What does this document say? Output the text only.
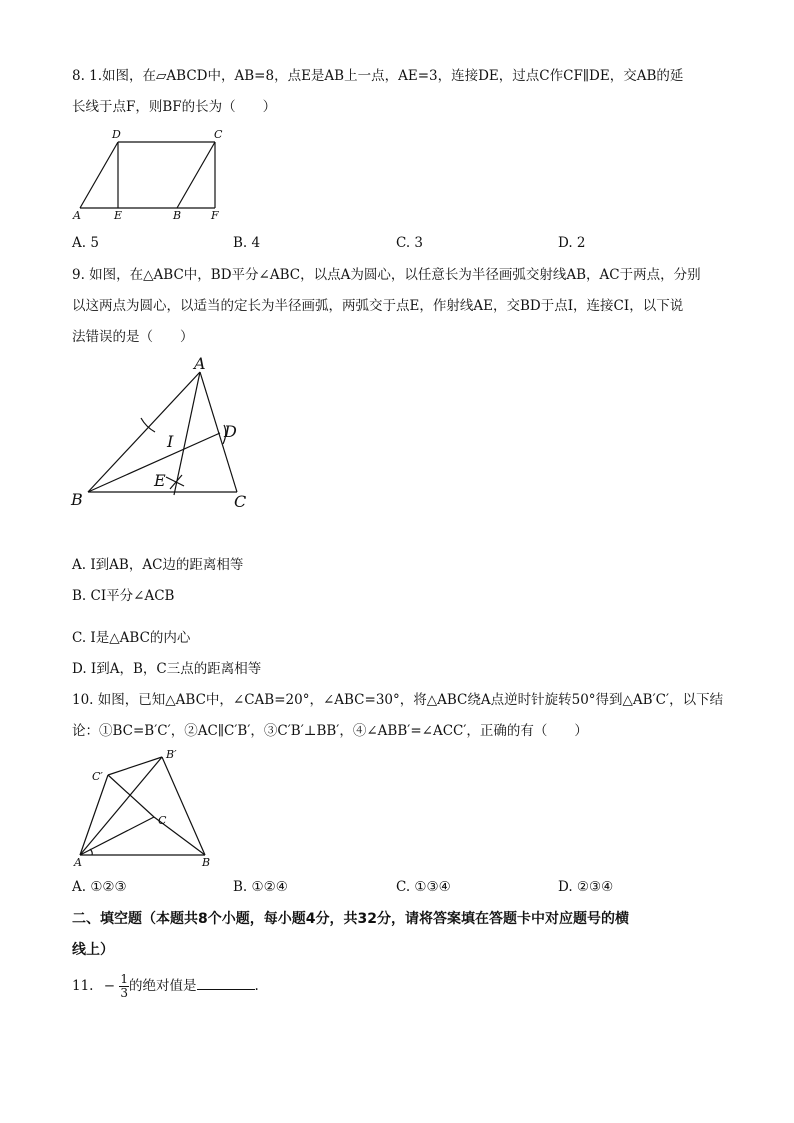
8. 1.如图，在▱ABCD中，AB=8，点E是AB上一点，AE=3，连接DE，过点C作CF∥DE，交AB的延
长线于点F，则BF的长为（　　）
D	C
A	E	B	F
A. 5	B. 4	C. 3	D. 2
9. 如图，在△ABC中，BD平分∠ABC，以点A为圆心，以任意长为半径画弧交射线AB，AC于两点，分别
以这两点为圆心，以适当的定长为半径画弧，两弧交于点E，作射线AE，交BD于点I，连接CI，以下说
法错误的是（　　）
A
I
D
E
B	C
A. I到AB，AC边的距离相等
B. CI平分∠ACB
C. I是△ABC的内心
D. I到A，B，C三点的距离相等
10. 如图，已知△ABC中，∠CAB=20°，∠ABC=30°，将△ABC绕A点逆时针旋转50°得到△AB′C′，以下结
论：①BC=B′C′，②AC∥C′B′，③C′B′⊥BB′，④∠ABB′=∠ACC′，正确的有（　　）
B′
C′
C
A	B
A. ①②③	B. ①②④	C. ①③④	D. ②③④
二、填空题（本题共8个小题，每小题4分，共32分，请将答案填在答题卡中对应题号的横
线上）
11. − $\frac{1}{3}$ 的绝对值是	.
